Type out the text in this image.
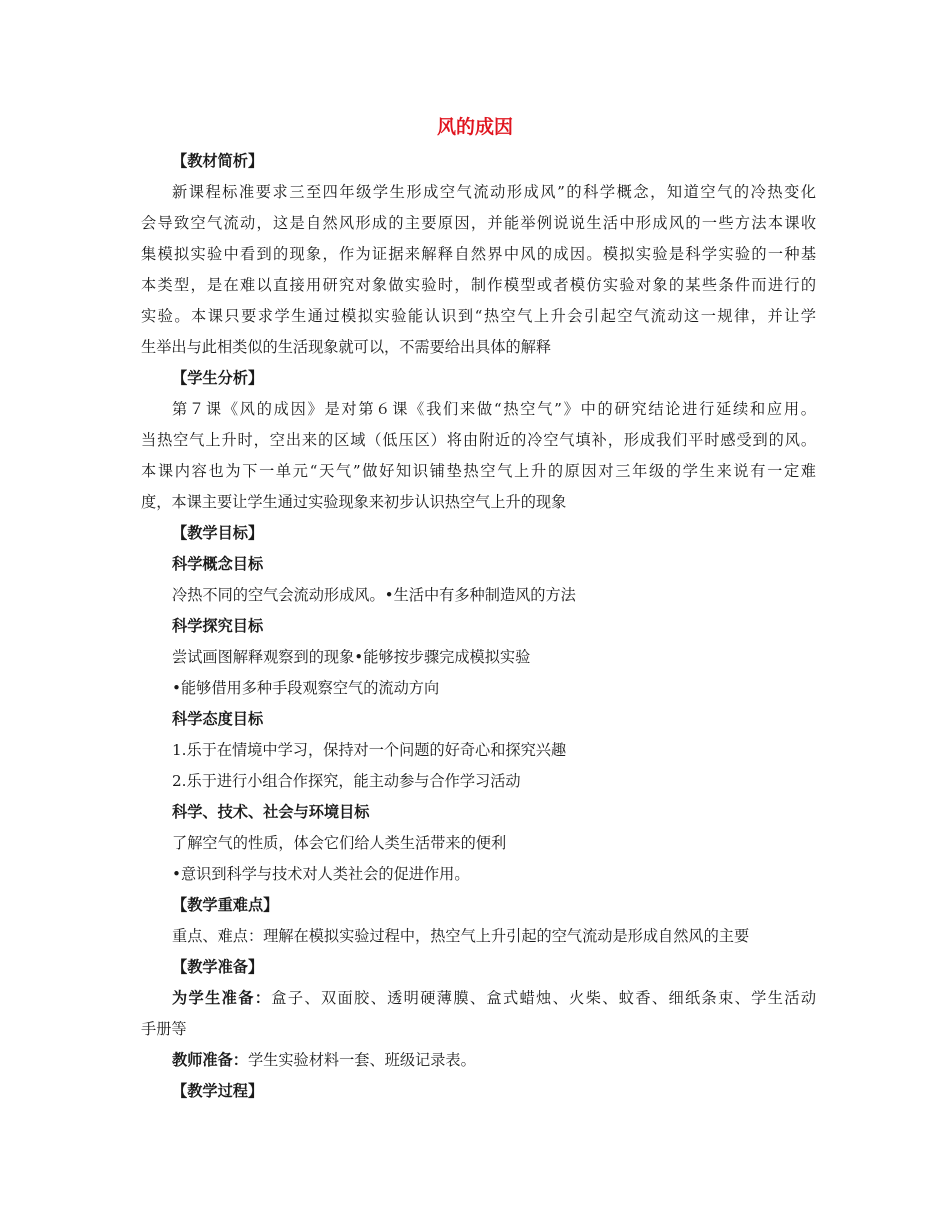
风的成因
【教材简析】
新课程标准要求三至四年级学生形成空气流动形成风”的科学概念，知道空气的冷热变化
会导致空气流动，这是自然风形成的主要原因，并能举例说说生活中形成风的一些方法本课收
集模拟实验中看到的现象，作为证据来解释自然界中风的成因。模拟实验是科学实验的一种基
本类型，是在难以直接用研究对象做实验时，制作模型或者模仿实验对象的某些条件而进行的
实验。本课只要求学生通过模拟实验能认识到“热空气上升会引起空气流动这一规律，并让学
生举出与此相类似的生活现象就可以，不需要给出具体的解释
【学生分析】
第７课《风的成因》是对第６课《我们来做“热空气”》中的研究结论进行延续和应用。
当热空气上升时，空出来的区域（低压区）将由附近的冷空气填补，形成我们平时感受到的风。
本课内容也为下一单元“天气”做好知识铺垫热空气上升的原因对三年级的学生来说有一定难
度，本课主要让学生通过实验现象来初步认识热空气上升的现象
【教学目标】
科学概念目标
冷热不同的空气会流动形成风。•生活中有多种制造风的方法
科学探究目标
尝试画图解释观察到的现象•能够按步骤完成模拟实验
•能够借用多种手段观察空气的流动方向
科学态度目标
1.乐于在情境中学习，保持对一个问题的好奇心和探究兴趣
2.乐于进行小组合作探究，能主动参与合作学习活动
科学、技术、社会与环境目标
了解空气的性质，体会它们给人类生活带来的便利
•意识到科学与技术对人类社会的促进作用。
【教学重难点】
重点、难点：理解在模拟实验过程中，热空气上升引起的空气流动是形成自然风的主要
【教学准备】
为学生准备：盒子、双面胶、透明硬薄膜、盒式蜡烛、火柴、蚊香、细纸条束、学生活动
手册等
教师准备：学生实验材料一套、班级记录表。
【教学过程】
